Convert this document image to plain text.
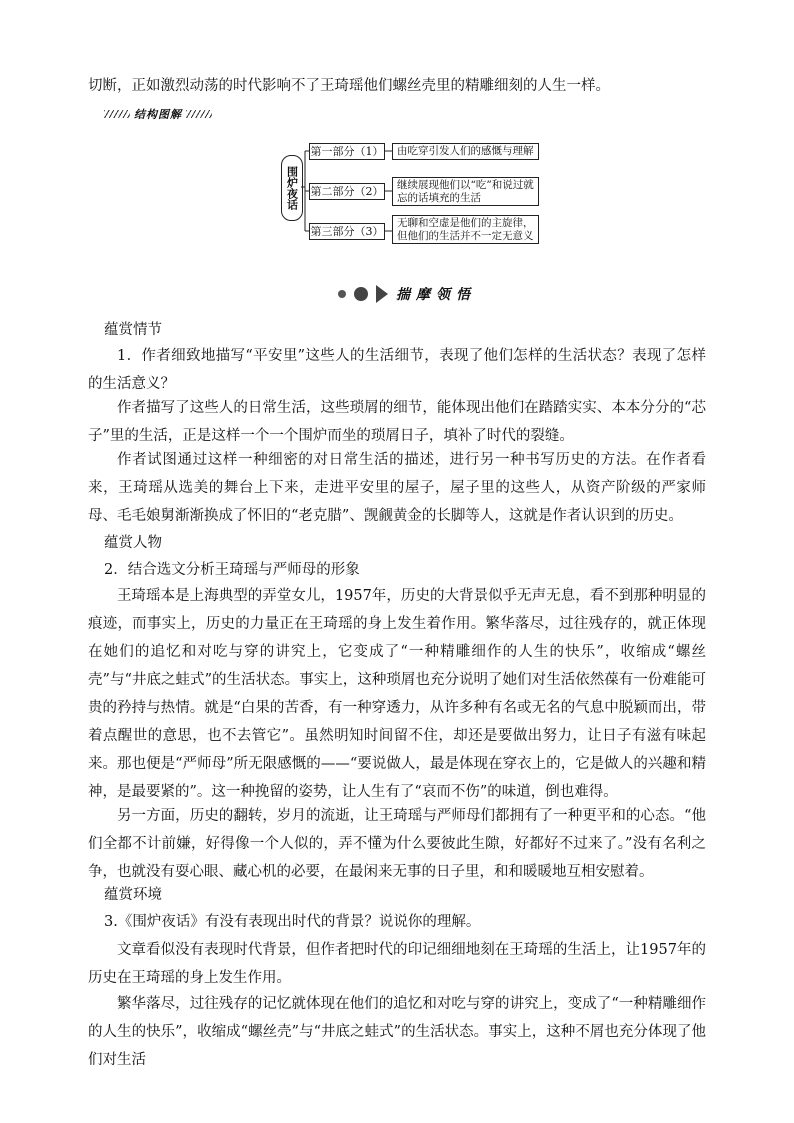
切断，正如激烈动荡的时代影响不了王琦瑶他们螺丝壳里的精雕细刻的人生一样。

结构图解
围炉夜话
第一部分（1）
第二部分（2）
第三部分（3）
由吃穿引发人们的感慨与理解
继续展现他们以“吃”和说过就忘的话填充的生活
无聊和空虚是他们的主旋律，但他们的生活并不一定无意义
揣摩领悟
蕴赏情节

1．作者细致地描写“平安里”这些人的生活细节，表现了他们怎样的生活状态？表现了怎样的生活意义？

作者描写了这些人的日常生活，这些琐屑的细节，能体现出他们在踏踏实实、本本分分的“芯子”里的生活，正是这样一个一个围炉而坐的琐屑日子，填补了时代的裂缝。

作者试图通过这样一种细密的对日常生活的描述，进行另一种书写历史的方法。在作者看来，王琦瑶从选美的舞台上下来，走进平安里的屋子，屋子里的这些人，从资产阶级的严家师母、毛毛娘舅渐渐换成了怀旧的“老克腊”、觊觎黄金的长脚等人，这就是作者认识到的历史。

蕴赏人物
2．结合选文分析王琦瑶与严师母的形象

王琦瑶本是上海典型的弄堂女儿，1957年，历史的大背景似乎无声无息，看不到那种明显的痕迹，而事实上，历史的力量正在王琦瑶的身上发生着作用。繁华落尽，过往残存的，就正体现在她们的追忆和对吃与穿的讲究上，它变成了“一种精雕细作的人生的快乐”，收缩成“螺丝壳”与“井底之蛙式”的生活状态。事实上，这种琐屑也充分说明了她们对生活依然葆有一份难能可贵的矜持与热情。就是“白果的苦香，有一种穿透力，从许多种有名或无名的气息中脱颖而出，带着点醒世的意思，也不去管它”。虽然明知时间留不住，却还是要做出努力，让日子有滋有味起来。那也便是“严师母”所无限感慨的——“要说做人，最是体现在穿衣上的，它是做人的兴趣和精神，是最要紧的”。这一种挽留的姿势，让人生有了“哀而不伤”的味道，倒也难得。

另一方面，历史的翻转，岁月的流逝，让王琦瑶与严师母们都拥有了一种更平和的心态。“他们全都不计前嫌，好得像一个人似的，弄不懂为什么要彼此生隙，好都好不过来了。”没有名利之争，也就没有耍心眼、藏心机的必要，在最闲来无事的日子里，和和暖暖地互相安慰着。

蕴赏环境
3.《围炉夜话》有没有表现出时代的背景？说说你的理解。

文章看似没有表现时代背景，但作者把时代的印记细细地刻在王琦瑶的生活上，让1957年的历史在王琦瑶的身上发生作用。

繁华落尽，过往残存的记忆就体现在他们的追忆和对吃与穿的讲究上，变成了“一种精雕细作的人生的快乐”，收缩成“螺丝壳”与“井底之蛙式”的生活状态。事实上，这种不屑也充分体现了他们对生活
